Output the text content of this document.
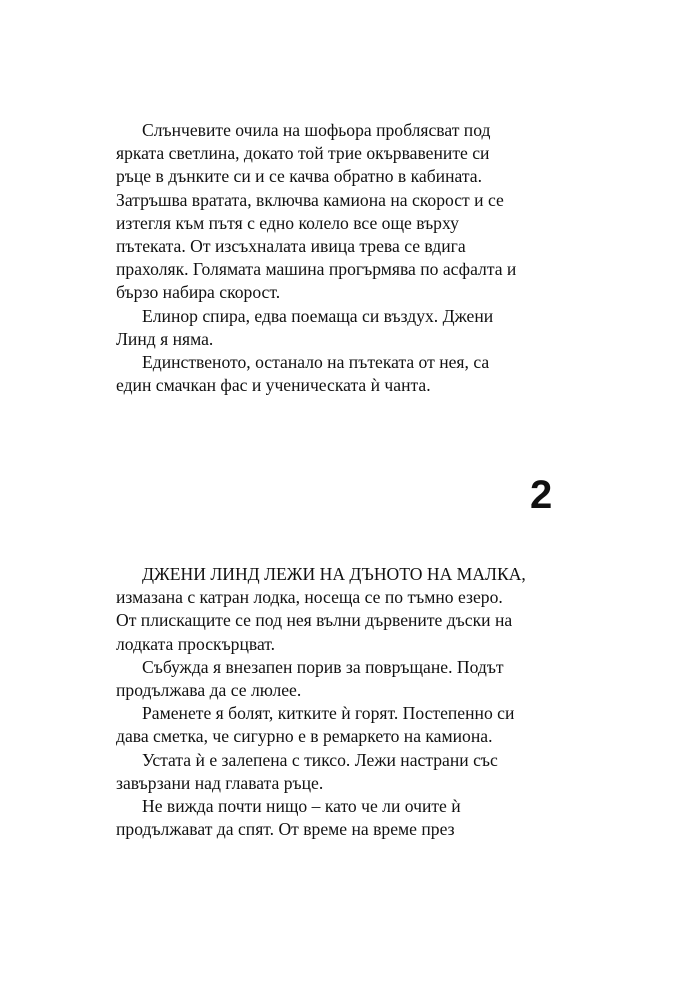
Слънчевите очила на шофьора проблясват под
ярката светлина, докато той трие окървавените си
ръце в дънките си и се качва обратно в кабината.
Затръшва вратата, включва камиона на скорост и се
изтегля към пътя с едно колело все още върху
пътеката. От изсъхналата ивица трева се вдига
прахоляк. Голямата машина прогърмява по асфалта и
бързо набира скорост.

Елинор спира, едва поемаща си въздух. Джени
Линд я няма.

Единственото, останало на пътеката от нея, са
един смачкан фас и ученическата ѝ чанта.

2

ДЖЕНИ ЛИНД ЛЕЖИ НА ДЪНОТО НА МАЛКА,
измазана с катран лодка, носеща се по тъмно езеро.
От плискащите се под нея вълни дървените дъски на
лодката проскърцват.

Събужда я внезапен порив за повръщане. Подът
продължава да се люлее.

Раменете я болят, китките ѝ горят. Постепенно си
дава сметка, че сигурно е в ремаркето на камиона.

Устата ѝ е залепена с тиксо. Лежи настрани със
завързани над главата ръце.

Не вижда почти нищо – като че ли очите ѝ
продължават да спят. От време на време през
